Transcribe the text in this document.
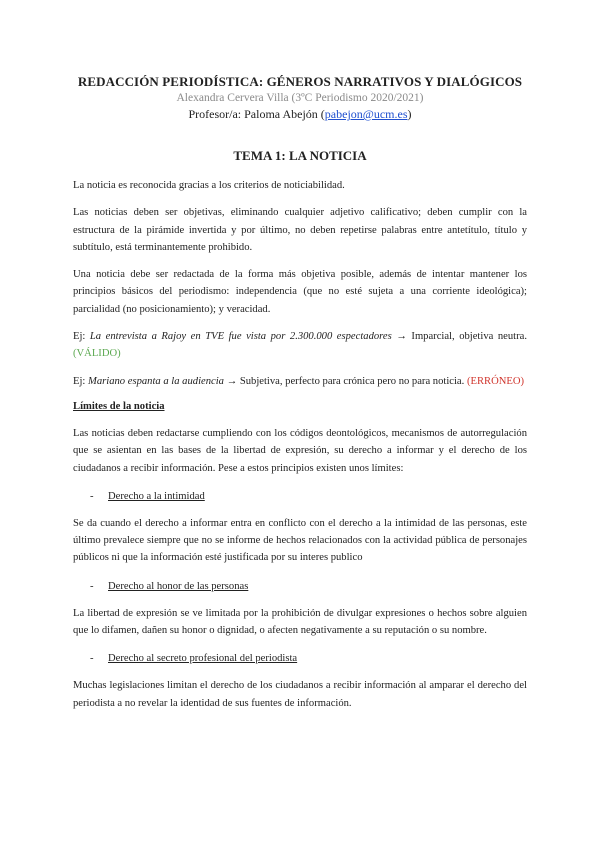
REDACCIÓN PERIODÍSTICA: GÉNEROS NARRATIVOS Y DIALÓGICOS
Alexandra Cervera Villa (3ºC Periodismo 2020/2021)
Profesor/a: Paloma Abejón (pabejon@ucm.es)
TEMA 1: LA NOTICIA

La noticia es reconocida gracias a los criterios de noticiabilidad.

Las noticias deben ser objetivas, eliminando cualquier adjetivo calificativo; deben cumplir con la estructura de la pirámide invertida y por último, no deben repetirse palabras entre antetítulo, título y subtítulo, está terminantemente prohibido.

Una noticia debe ser redactada de la forma más objetiva posible, además de intentar mantener los principios básicos del periodismo: independencia (que no esté sujeta a una corriente ideológica); parcialidad (no posicionamiento); y veracidad.

Ej: La entrevista a Rajoy en TVE fue vista por 2.300.000 espectadores → Imparcial, objetiva neutra. (VÁLIDO)

Ej: Mariano espanta a la audiencia → Subjetiva, perfecto para crónica pero no para noticia. (ERRÓNEO)

Límites de la noticia

Las noticias deben redactarse cumpliendo con los códigos deontológicos, mecanismos de autorregulación que se asientan en las bases de la libertad de expresión, su derecho a informar y el derecho de los ciudadanos a recibir información. Pese a estos principios existen unos límites:

- Derecho a la intimidad

Se da cuando el derecho a informar entra en conflicto con el derecho a la intimidad de las personas, este último prevalece siempre que no se informe de hechos relacionados con la actividad pública de personajes públicos ni que la información esté justificada por su interes publico

- Derecho al honor de las personas

La libertad de expresión se ve limitada por la prohibición de divulgar expresiones o hechos sobre alguien que lo difamen, dañen su honor o dignidad, o afecten negativamente a su reputación o su nombre.

- Derecho al secreto profesional del periodista

Muchas legislaciones limitan el derecho de los ciudadanos a recibir información al amparar el derecho del periodista a no revelar la identidad de sus fuentes de información.
